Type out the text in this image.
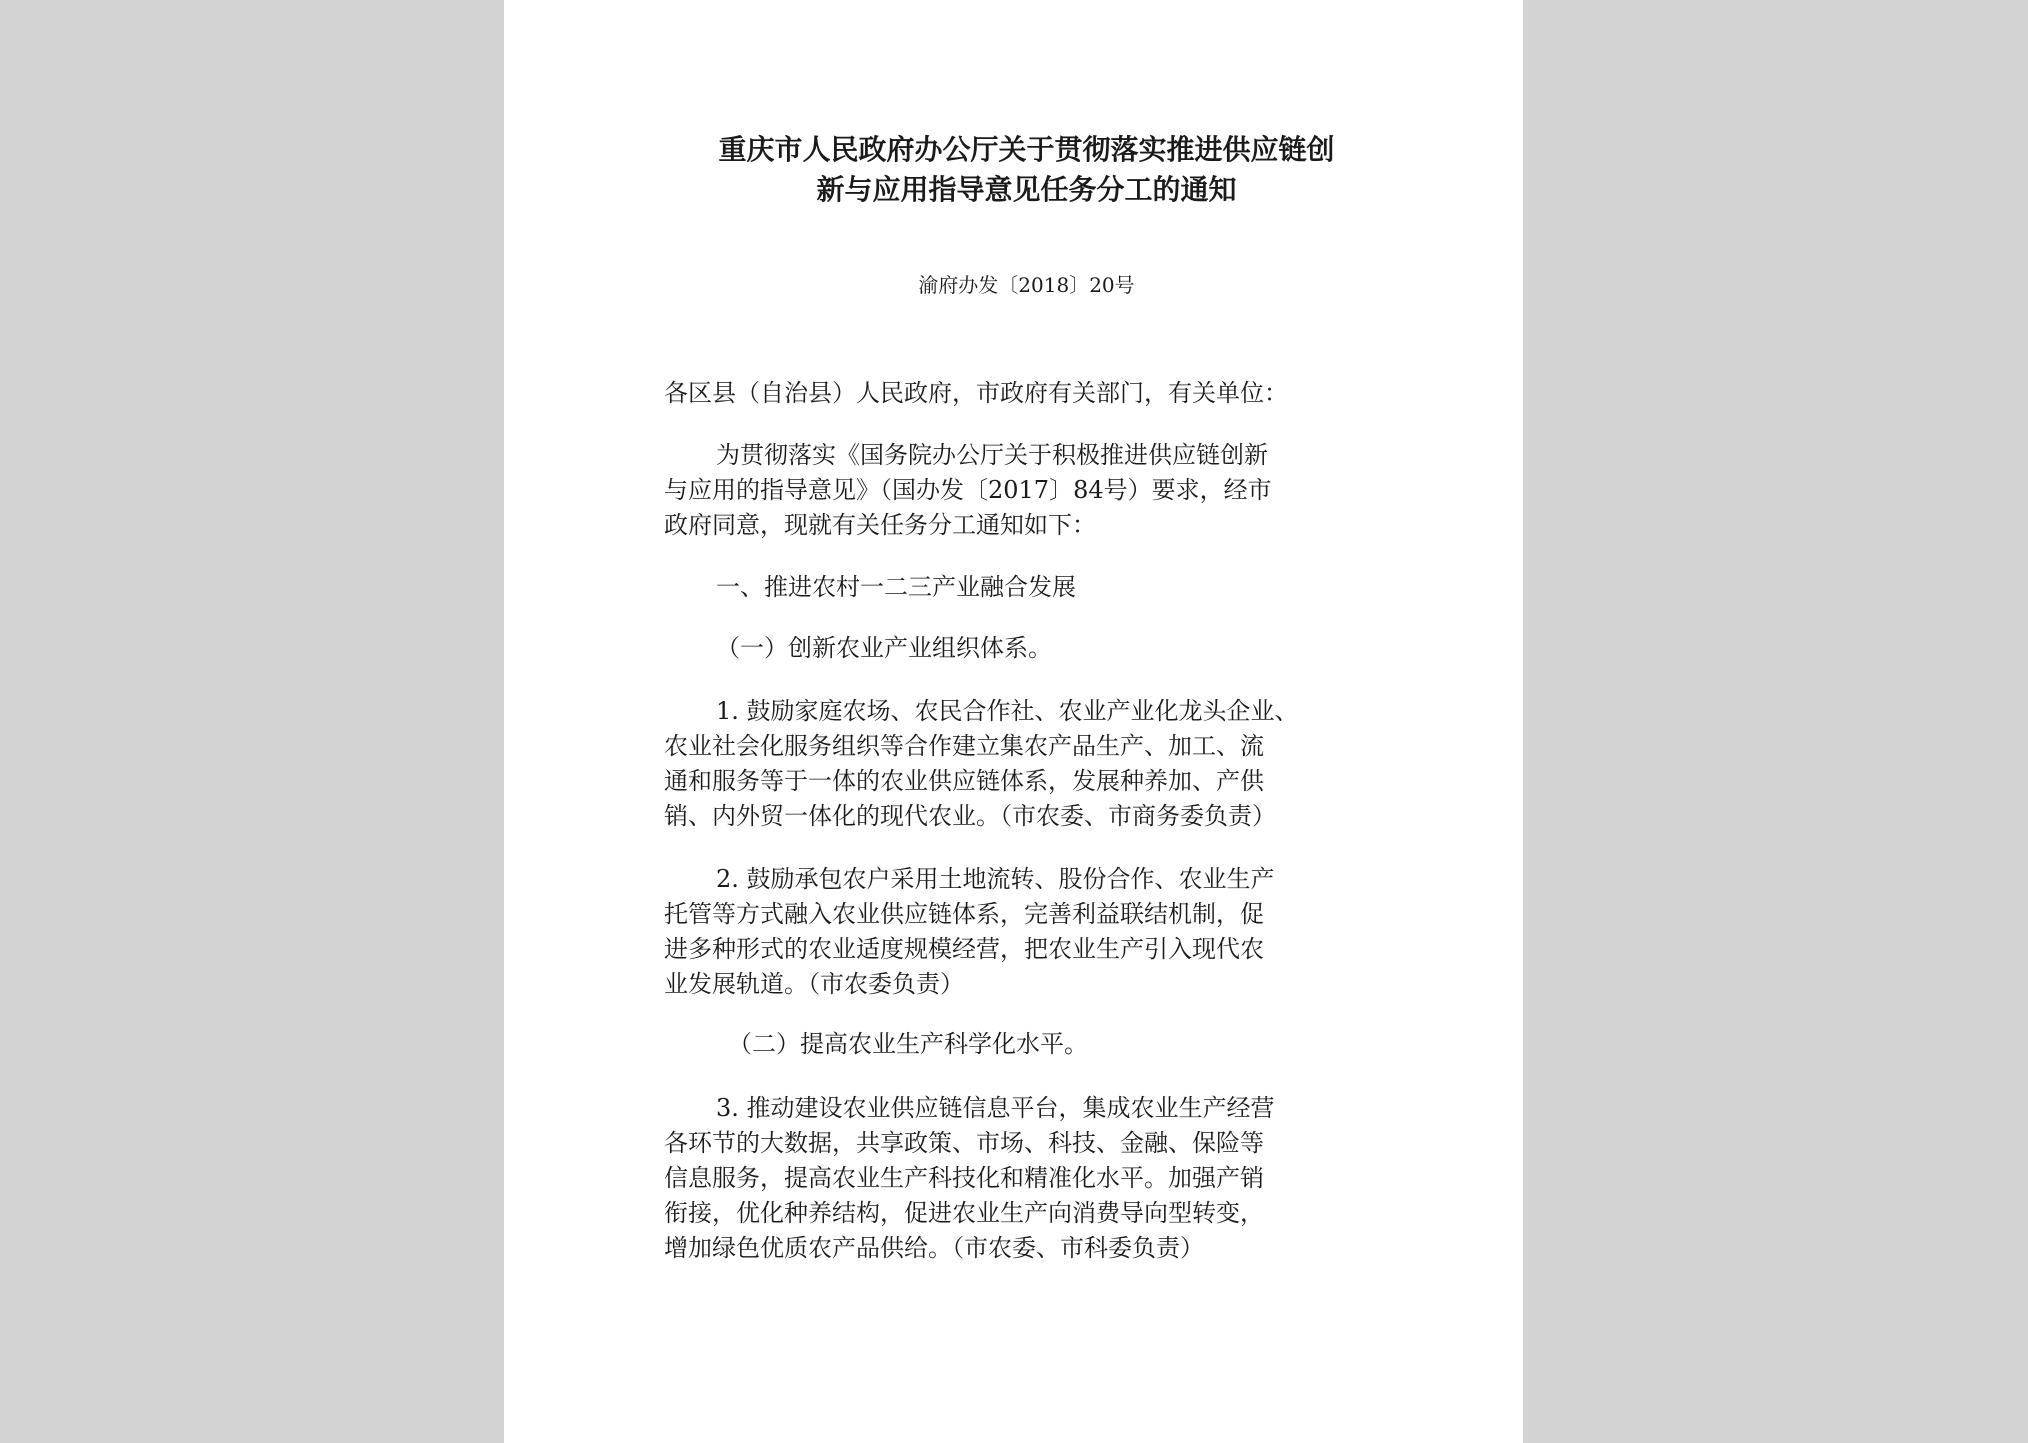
重庆市人民政府办公厅关于贯彻落实推进供应链创
新与应用指导意见任务分工的通知
渝府办发〔2018〕20号
各区县（自治县）人民政府，市政府有关部门，有关单位：
为贯彻落实《国务院办公厅关于积极推进供应链创新
与应用的指导意见》（国办发〔2017〕84号）要求，经市
政府同意，现就有关任务分工通知如下：
一、推进农村一二三产业融合发展
（一）创新农业产业组织体系。
1. 鼓励家庭农场、农民合作社、农业产业化龙头企业、
农业社会化服务组织等合作建立集农产品生产、加工、流
通和服务等于一体的农业供应链体系，发展种养加、产供
销、内外贸一体化的现代农业。（市农委、市商务委负责）
2. 鼓励承包农户采用土地流转、股份合作、农业生产
托管等方式融入农业供应链体系，完善利益联结机制，促
进多种形式的农业适度规模经营，把农业生产引入现代农
业发展轨道。（市农委负责）
（二）提高农业生产科学化水平。
3. 推动建设农业供应链信息平台，集成农业生产经营
各环节的大数据，共享政策、市场、科技、金融、保险等
信息服务，提高农业生产科技化和精准化水平。加强产销
衔接，优化种养结构，促进农业生产向消费导向型转变，
增加绿色优质农产品供给。（市农委、市科委负责）
